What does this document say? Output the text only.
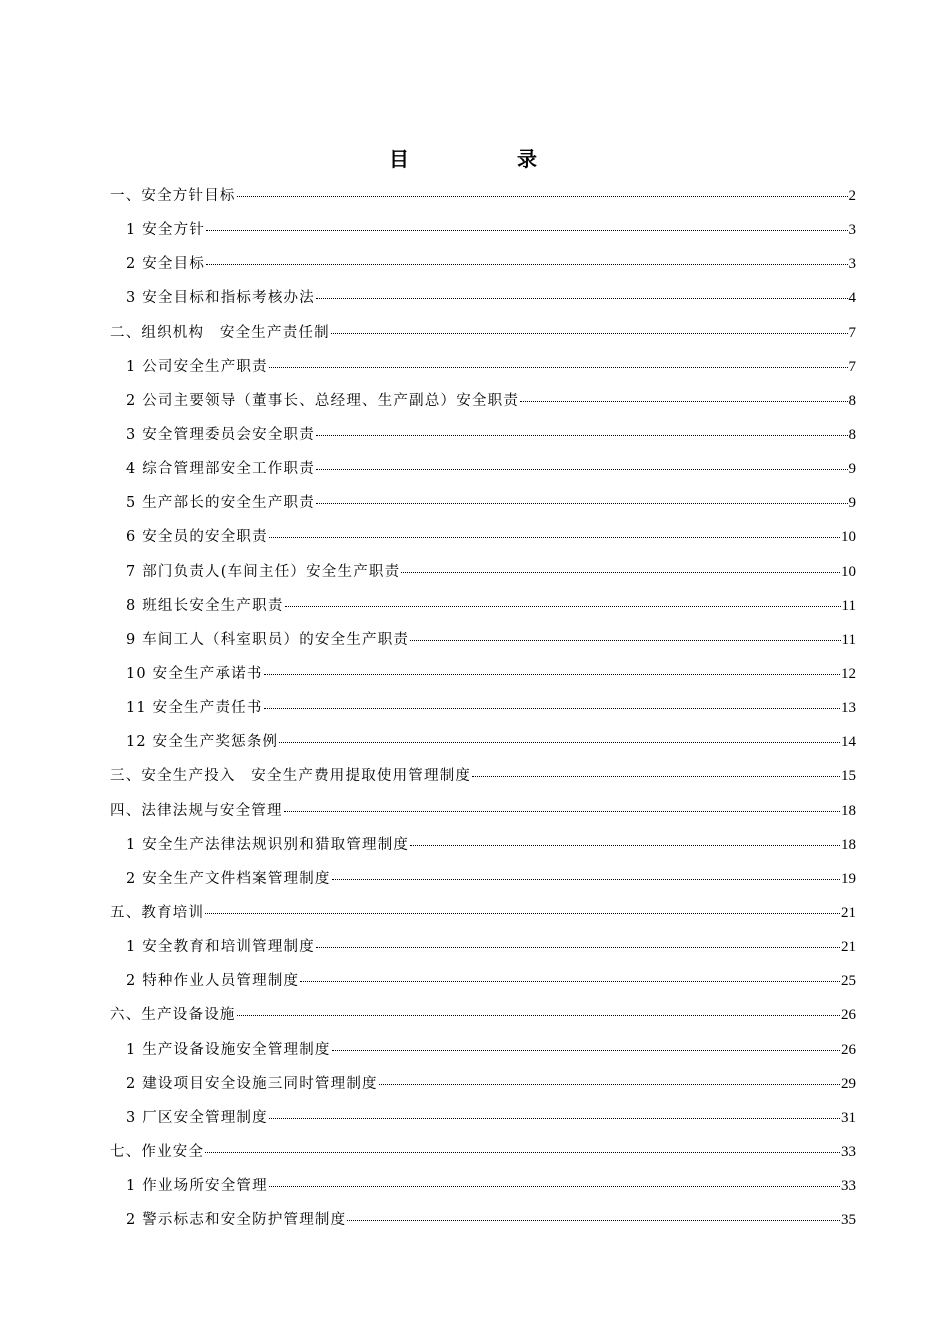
目　录
一、安全方针目标	2
1 安全方针	3
2 安全目标	3
3 安全目标和指标考核办法	4
二、组织机构　安全生产责任制	7
1 公司安全生产职责	7
2 公司主要领导（董事长、总经理、生产副总）安全职责	8
3 安全管理委员会安全职责	8
4 综合管理部安全工作职责	9
5 生产部长的安全生产职责	9
6 安全员的安全职责	10
7 部门负责人(车间主任）安全生产职责	10
8 班组长安全生产职责	11
9 车间工人（科室职员）的安全生产职责	11
10 安全生产承诺书	12
11 安全生产责任书	13
12 安全生产奖惩条例	14
三、安全生产投入　安全生产费用提取使用管理制度	15
四、法律法规与安全管理	18
1 安全生产法律法规识别和猎取管理制度	18
2 安全生产文件档案管理制度	19
五、教育培训	21
1 安全教育和培训管理制度	21
2 特种作业人员管理制度	25
六、生产设备设施	26
1 生产设备设施安全管理制度	26
2 建设项目安全设施三同时管理制度	29
3 厂区安全管理制度	31
七、作业安全	33
1 作业场所安全管理	33
2 警示标志和安全防护管理制度	35
